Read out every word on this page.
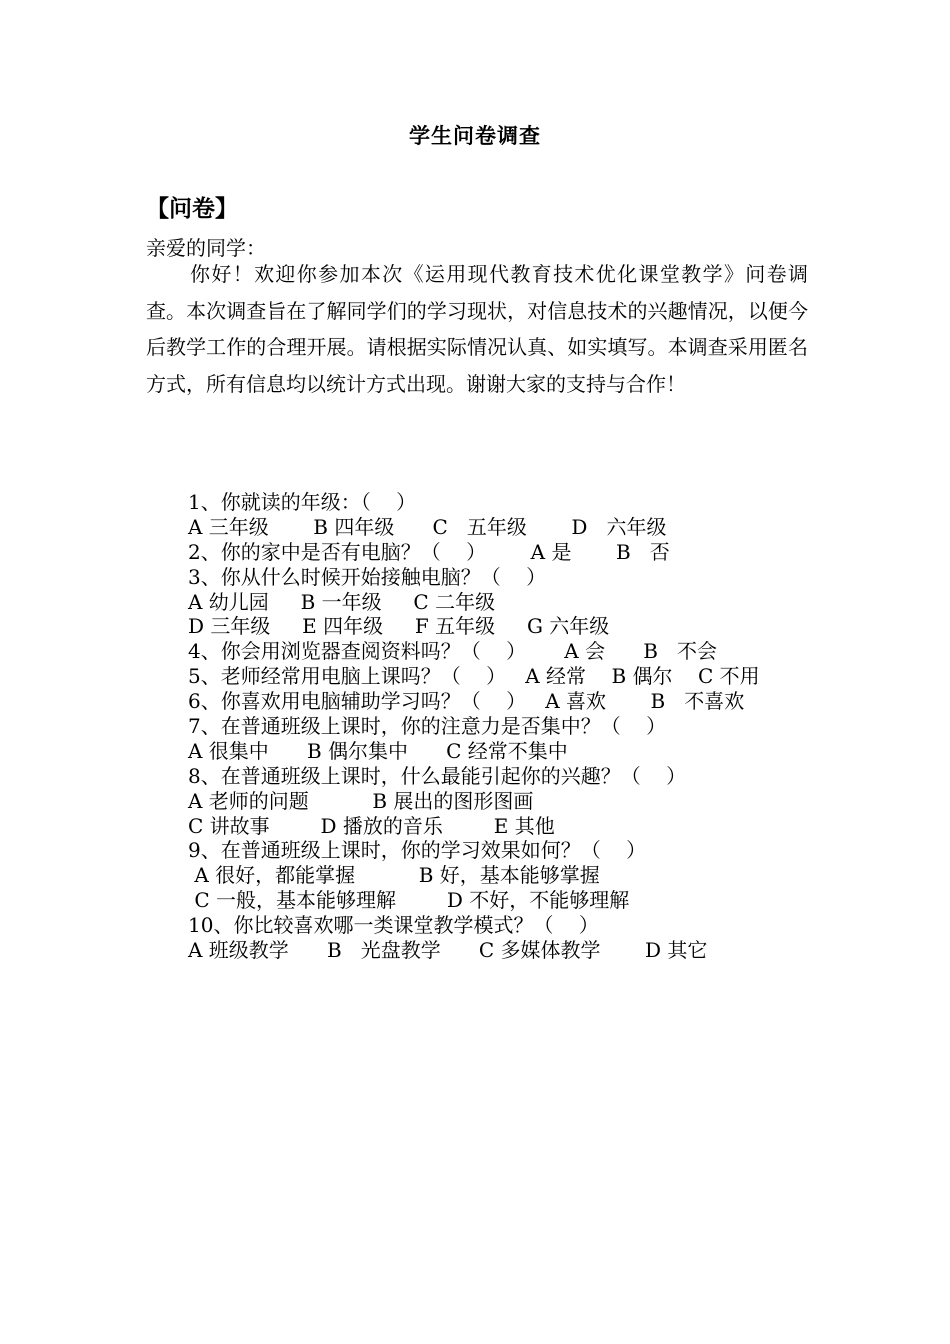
学生问卷调查
【问卷】
亲爱的同学：

你好！欢迎你参加本次《运用现代教育技术优化课堂教学》问卷调查。本次调查旨在了解同学们的学习现状，对信息技术的兴趣情况，以便今后教学工作的合理开展。请根据实际情况认真、如实填写。本调查采用匿名方式，所有信息均以统计方式出现。谢谢大家的支持与合作！

1、你就读的年级：（    ）
A 三年级       B 四年级      C   五年级       D   六年级
2、你的家中是否有电脑？（    ）       A 是       B   否
3、你从什么时候开始接触电脑？（    ）
A 幼儿园     B 一年级     C 二年级
D 三年级     E 四年级     F 五年级     G 六年级
4、你会用浏览器查阅资料吗？（    ）      A 会      B   不会
5、老师经常用电脑上课吗？（    ）   A 经常    B 偶尔    C 不用
6、你喜欢用电脑辅助学习吗？（    ）   A 喜欢       B   不喜欢
7、在普通班级上课时，你的注意力是否集中？（    ）
A 很集中      B 偶尔集中      C 经常不集中
8、在普通班级上课时，什么最能引起你的兴趣？（    ）
A 老师的问题          B 展出的图形图画
C 讲故事        D 播放的音乐        E 其他
9、在普通班级上课时，你的学习效果如何？（    ）
A 很好，都能掌握          B 好，基本能够掌握
C 一般，基本能够理解        D 不好，不能够理解
10、你比较喜欢哪一类课堂教学模式？（    ）
A 班级教学      B   光盘教学      C 多媒体教学       D 其它
